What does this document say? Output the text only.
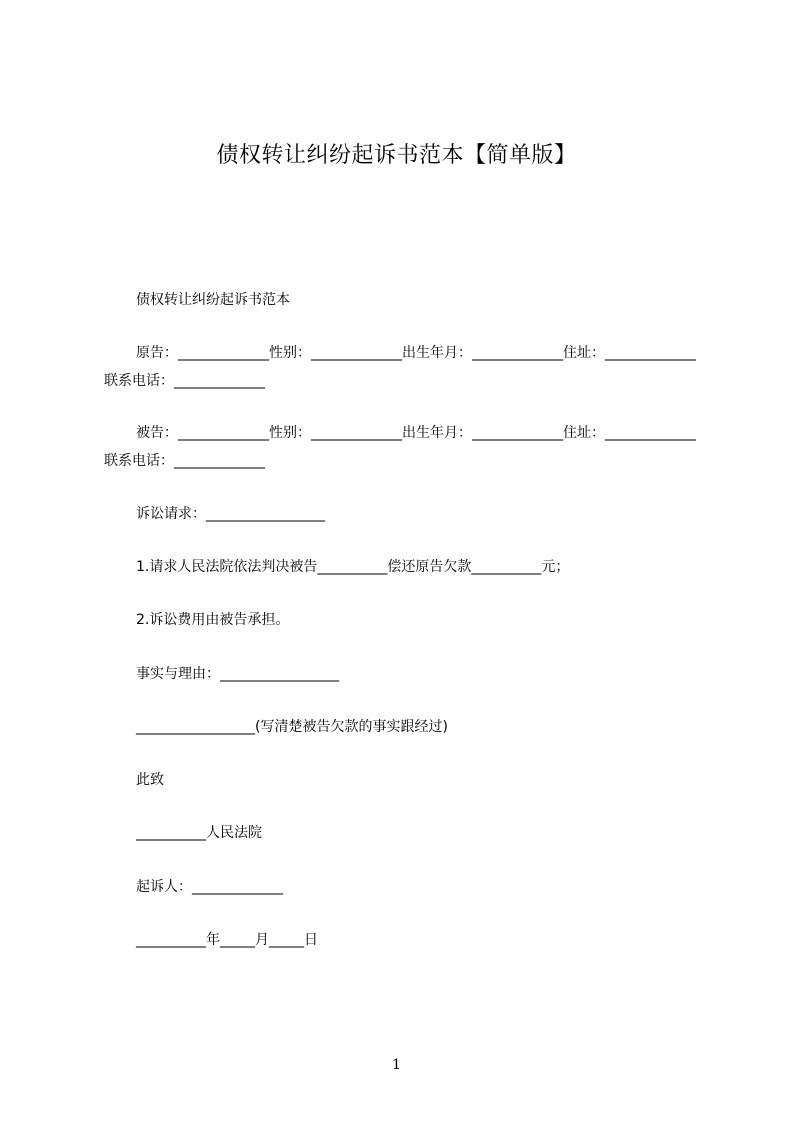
债权转让纠纷起诉书范本【简单版】
债权转让纠纷起诉书范本
原告：_____________性别：_____________出生年月：_____________住址：_____________联系电话：_____________
被告：_____________性别：_____________出生年月：_____________住址：_____________联系电话：_____________
诉讼请求：_________________
1.请求人民法院依法判决被告__________偿还原告欠款__________元；
2.诉讼费用由被告承担。
事实与理由：_________________
_________________(写清楚被告欠款的事实跟经过)
此致
__________人民法院
起诉人：_____________
__________年_____月_____日
1
